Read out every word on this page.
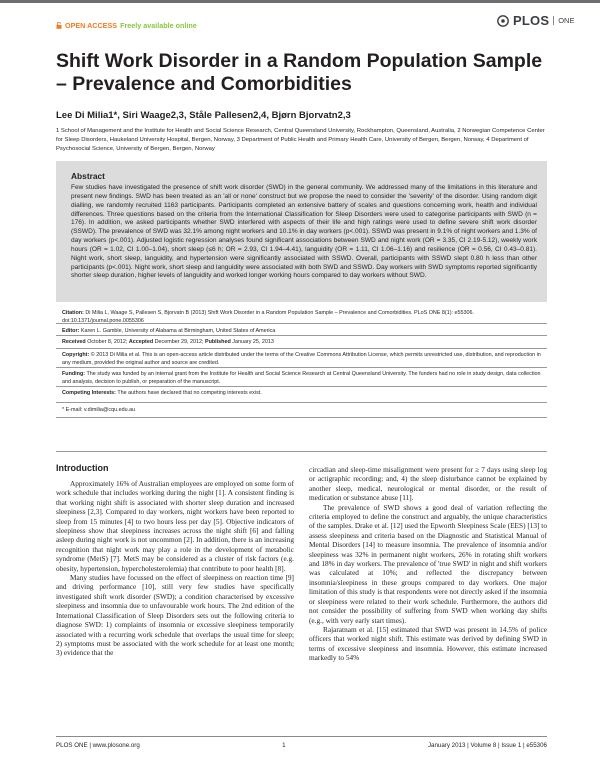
OPEN ACCESS Freely available online	PLOS	ONE
Shift Work Disorder in a Random Population Sample – Prevalence and Comorbidities
Lee Di Milia1*, Siri Waage2,3, Ståle Pallesen2,4, Bjørn Bjorvatn2,3
1 School of Management and the Institute for Health and Social Science Research, Central Queensland University, Rockhampton, Queensland, Australia, 2 Norwegian Competence Center for Sleep Disorders, Haukeland University Hospital, Bergen, Norway, 3 Department of Public Health and Primary Health Care, University of Bergen, Bergen, Norway, 4 Department of Psychosocial Science, University of Bergen, Bergen, Norway
Abstract

Few studies have investigated the presence of shift work disorder (SWD) in the general community. We addressed many of the limitations in this literature and present new findings. SWD has been treated as an 'all or none' construct but we propose the need to consider the 'severity' of the disorder. Using random digit dialling, we randomly recruited 1163 participants. Participants completed an extensive battery of scales and questions concerning work, health and individual differences. Three questions based on the criteria from the International Classification for Sleep Disorders were used to categorise participants with SWD (n = 176). In addition, we asked participants whether SWD interfered with aspects of their life and high ratings were used to define severe shift work disorder (SSWD). The prevalence of SWD was 32.1% among night workers and 10.1% in day workers (p<.001). SSWD was present in 9.1% of night workers and 1.3% of day workers (p<.001). Adjusted logistic regression analyses found significant associations between SWD and night work (OR = 3.35, CI 2.19-5.12), weekly work hours (OR = 1.02, CI 1.00–1.04), short sleep (≤6 h; OR = 2.93, CI 1.94–4.41), languidity (OR = 1.11, CI 1.06–1.16) and resilience (OR = 0.56, CI 0.43–0.81). Night work, short sleep, languidity, and hypertension were significantly associated with SSWD. Overall, participants with SSWD slept 0.80 h less than other participants (p<.001). Night work, short sleep and languidity were associated with both SWD and SSWD. Day workers with SWD symptoms reported significantly shorter sleep duration, higher levels of languidity and worked longer working hours compared to day workers without SWD.

Citation: Di Milia L, Waage S, Pallesen S, Bjorvatn B (2013) Shift Work Disorder in a Random Population Sample – Prevalence and Comorbidities. PLoS ONE 8(1): e55306. doi:10.1371/journal.pone.0055306

Editor: Karen L. Gamble, University of Alabama at Birmingham, United States of America

Received October 8, 2012; Accepted December 29, 2012; Published January 25, 2013

Copyright: © 2013 Di Milia et al. This is an open-access article distributed under the terms of the Creative Commons Attribution License, which permits unrestricted use, distribution, and reproduction in any medium, provided the original author and source are credited.

Funding: The study was funded by an internal grant from the Institute for Health and Social Science Research at Central Queensland University. The funders had no role in study design, data collection and analysis, decision to publish, or preparation of the manuscript.

Competing Interests: The authors have declared that no competing interests exist.

* E-mail: v.dimilia@cqu.edu.au

Introduction

Approximately 16% of Australian employees are employed on some form of work schedule that includes working during the night [1]. A consistent finding is that working night shift is associated with shorter sleep duration and increased sleepiness [2,3]. Compared to day workers, night workers have been reported to sleep from 15 minutes [4] to two hours less per day [5]. Objective indicators of sleepiness show that sleepiness increases across the night shift [6] and falling asleep during night work is not uncommon [2]. In addition, there is an increasing recognition that night work may play a role in the development of metabolic syndrome (MetS) [7]. MetS may be considered as a cluster of risk factors (e.g. obesity, hypertension, hypercholesterolemia) that contribute to poor health [8].

Many studies have focussed on the effect of sleepiness on reaction time [9] and driving performance [10], still very few studies have specifically investigated shift work disorder (SWD); a condition characterised by excessive sleepiness and insomnia due to unfavourable work hours. The 2nd edition of the International Classification of Sleep Disorders sets out the following criteria to diagnose SWD: 1) complaints of insomnia or excessive sleepiness temporarily associated with a recurring work schedule that overlaps the usual time for sleep; 2) symptoms must be associated with the work schedule for at least one month; 3) evidence that the

circadian and sleep-time misalignment were present for ≥ 7 days using sleep log or actigraphic recording; and, 4) the sleep disturbance cannot be explained by another sleep, medical, neurological or mental disorder, or the result of medication or substance abuse [11].

The prevalence of SWD shows a good deal of variation reflecting the criteria employed to define the construct and arguably, the unique characteristics of the samples. Drake et al. [12] used the Epworth Sleepiness Scale (EES) [13] to assess sleepiness and criteria based on the Diagnostic and Statistical Manual of Mental Disorders [14] to measure insomnia. The prevalence of insomnia and/or sleepiness was 32% in permanent night workers, 26% in rotating shift workers and 18% in day workers. The prevalence of 'true SWD' in night and shift workers was calculated at 10%; and reflected the discrepancy between insomnia/sleepiness in these groups compared to day workers. One major limitation of this study is that respondents were not directly asked if the insomnia or sleepiness were related to their work schedule. Furthermore, the authors did not consider the possibility of suffering from SWD when working day shifts (e.g., with very early start times).

Rajaratnam et al. [15] estimated that SWD was present in 14.5% of police officers that worked night shift. This estimate was derived by defining SWD in terms of excessive sleepiness and insomnia. However, this estimate increased markedly to 54%

PLOS ONE | www.plosone.org	1	January 2013 | Volume 8 | Issue 1 | e55306
